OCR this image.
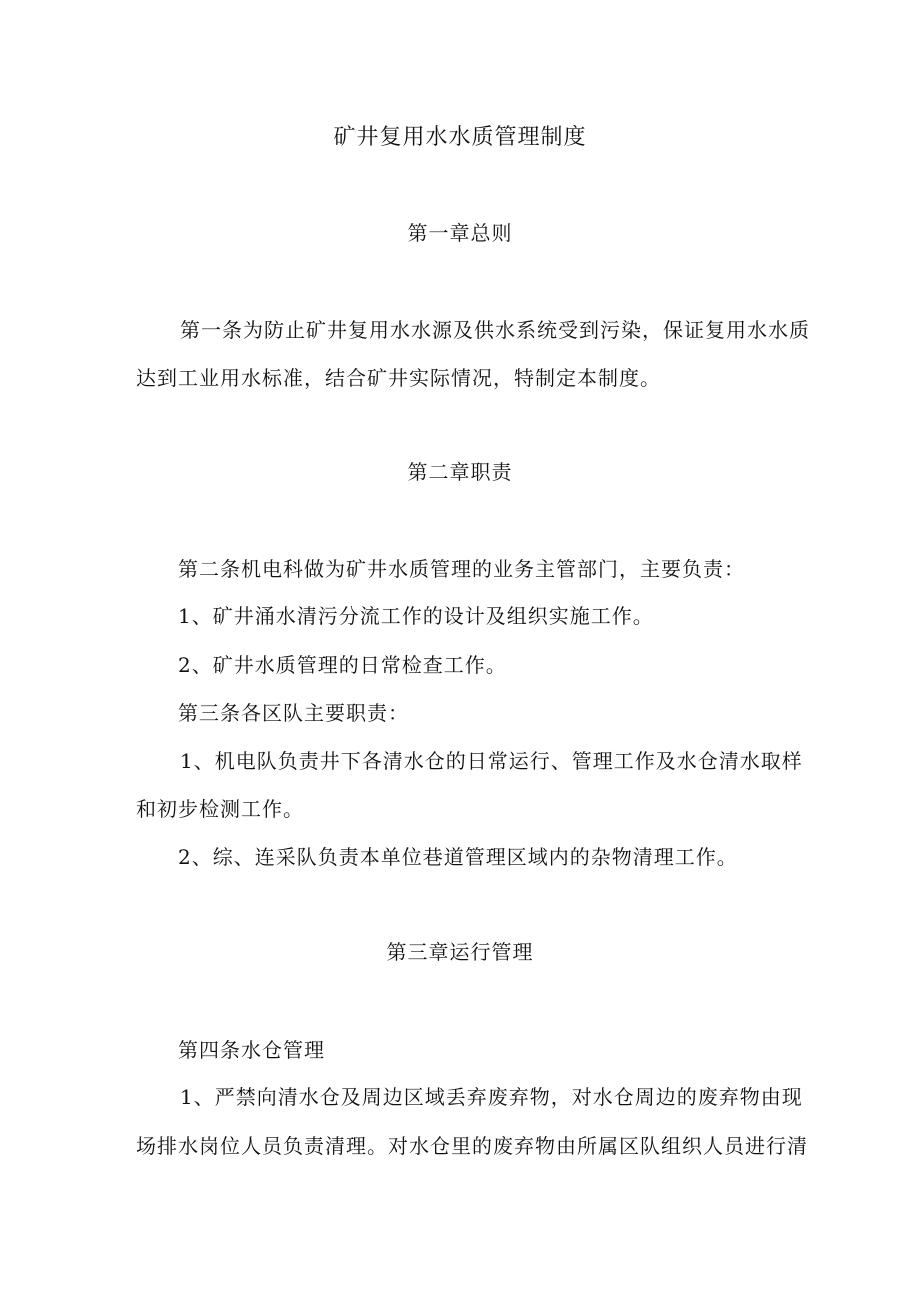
矿井复用水水质管理制度
第一章总则
第一条为防止矿井复用水水源及供水系统受到污染，保证复用水水质
达到工业用水标准，结合矿井实际情况，特制定本制度。
第二章职责
第二条机电科做为矿井水质管理的业务主管部门，主要负责：
1、矿井涌水清污分流工作的设计及组织实施工作。
2、矿井水质管理的日常检查工作。
第三条各区队主要职责：
1、机电队负责井下各清水仓的日常运行、管理工作及水仓清水取样
和初步检测工作。
2、综、连采队负责本单位巷道管理区域内的杂物清理工作。
第三章运行管理
第四条水仓管理
1、严禁向清水仓及周边区域丢弃废弃物，对水仓周边的废弃物由现
场排水岗位人员负责清理。对水仓里的废弃物由所属区队组织人员进行清
